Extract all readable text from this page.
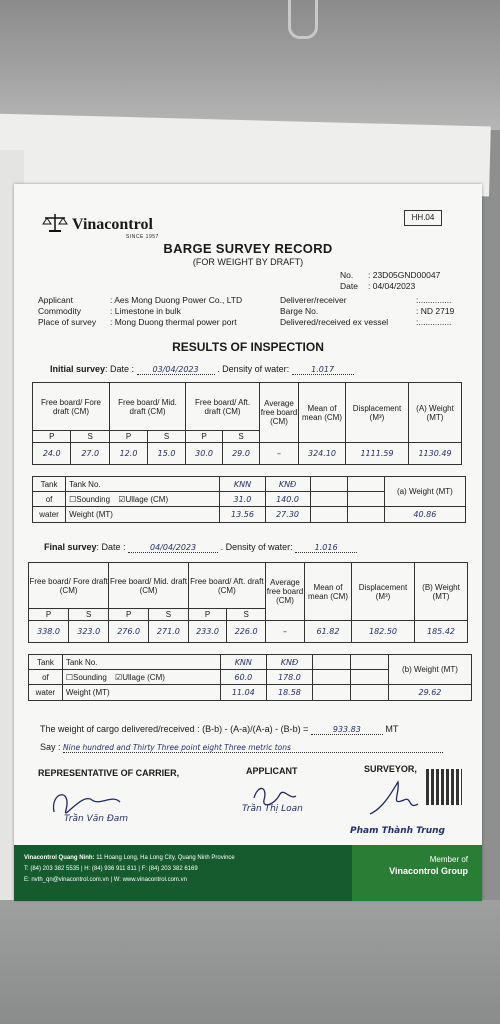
HH.04
Vinacontrol
SINCE 1957
BARGE SURVEY RECORD
(FOR WEIGHT BY DRAFT)
No. : 23D05GND00047
Date : 04/04/2023
Applicant	: Aes Mong Duong Power Co., LTD
Commodity	: Limestone in bulk
Place of survey : Mong Duong thermal power port
Deliverer/receiver	:..............
Barge No.	: ND 2719
Delivered/received ex vessel	:..............
RESULTS OF INSPECTION
Initial survey: Date : 03/04/2023 . Density of water:	1.017
Free board/ Fore draft (CM)		Free board/ Mid. draft (CM)		Free board/ Aft. draft (CM)		Average free board (CM)	Mean of mean (CM)	Displacement (M³)	(A) Weight (MT)
P	S	P	S	P	S				
24.0	27.0	12.0	15.0	30.0	29.0	–	324.10	1111.59	1130.49
Tank	Tank No.	KNN	KNĐ			(a) Weight (MT)
of	☐Sounding ☑Ullage (CM)	31.0	140.0			
water	Weight (MT)	13.56	27.30			40.86
Final survey: Date :	04/04/2023	. Density of water:	1.016
Free board/ Fore draft (CM)		Free board/ Mid. draft (CM)		Free board/ Aft. draft (CM)		Average free board (CM)	Mean of mean (CM)	Displacement (M³)	(B) Weight (MT)
P	S	P	S	P	S				
338.0	323.0	276.0	271.0	233.0	226.0	–	61.82	182.50	185.42
Tank	Tank No.	KNN	KNĐ			(b) Weight (MT)
of	☐Sounding ☑Ullage (CM)	60.0	178.0			
water	Weight (MT)	11.04	18.58			29.62
The weight of cargo delivered/received : (B-b) - (A-a)/(A-a) - (B-b) =	933.83	MT
Say : Nine hundred and Thirty Three point eight Three metric tons
REPRESENTATIVE OF CARRIER,	APPLICANT	SURVEYOR,
Trần Văn Đam
Trần Thị Loan
Pham Thành Trung
Vinacontrol Quang Ninh: 11 Hoang Long, Ha Long City, Quang Ninh Province
T: (84) 203 382 5535 | H: (84) 936 911 811 | F: (84) 203 382 6169
E: nvth_qn@vinacontrol.com.vn | W: www.vinacontrol.com.vn
Member of
Vinacontrol Group
